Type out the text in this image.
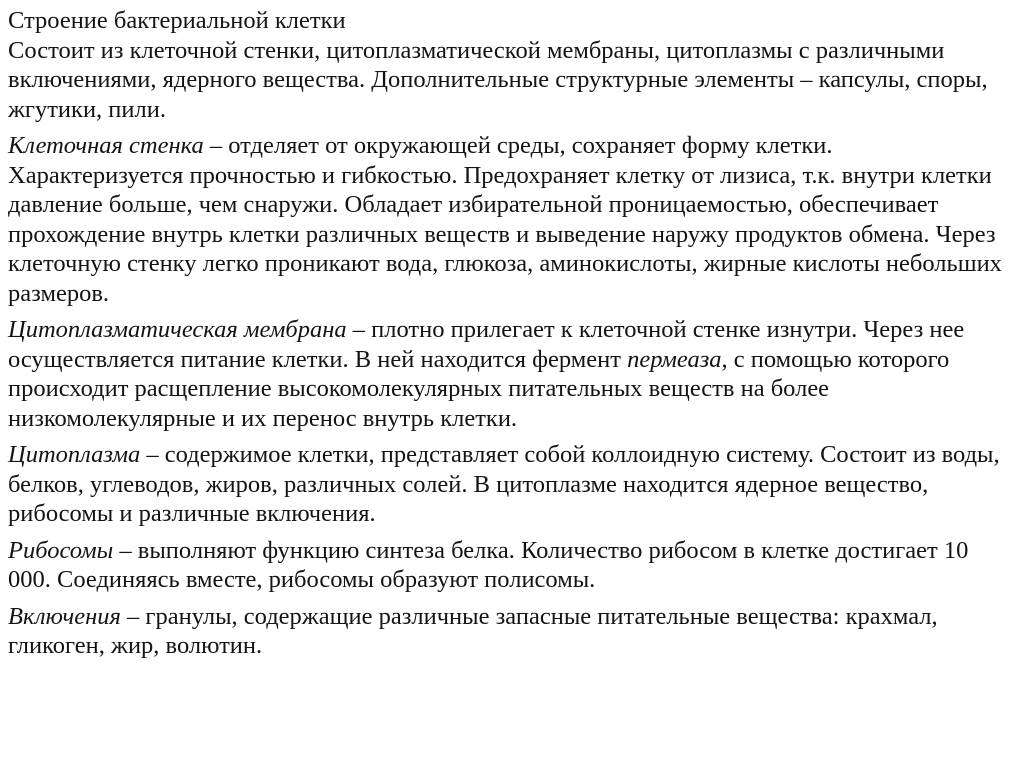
Строение бактериальной клетки
Состоит из клеточной стенки, цитоплазматической мембраны, цитоплазмы с различными включениями, ядерного вещества. Дополнительные структурные элементы – капсулы, споры, жгутики, пили.

Клеточная стенка – отделяет от окружающей среды, сохраняет форму клетки. Характеризуется прочностью и гибкостью. Предохраняет клетку от лизиса, т.к. внутри клетки давление больше, чем снаружи. Обладает избирательной проницаемостью, обеспечивает прохождение внутрь клетки различных веществ и выведение наружу продуктов обмена. Через клеточную стенку легко проникают вода, глюкоза, аминокислоты, жирные кислоты небольших размеров.

Цитоплазматическая мембрана – плотно прилегает к клеточной стенке изнутри. Через нее осуществляется питание клетки. В ней находится фермент пермеаза, с помощью которого происходит расщепление высокомолекулярных питательных веществ на более низкомолекулярные и их перенос внутрь клетки.

Цитоплазма – содержимое клетки, представляет собой коллоидную систему. Состоит из воды, белков, углеводов, жиров, различных солей. В цитоплазме находится ядерное вещество, рибосомы и различные включения.

Рибосомы – выполняют функцию синтеза белка. Количество рибосом в клетке достигает 10 000. Соединяясь вместе, рибосомы образуют полисомы.

Включения – гранулы, содержащие различные запасные питательные вещества: крахмал, гликоген, жир, волютин.
